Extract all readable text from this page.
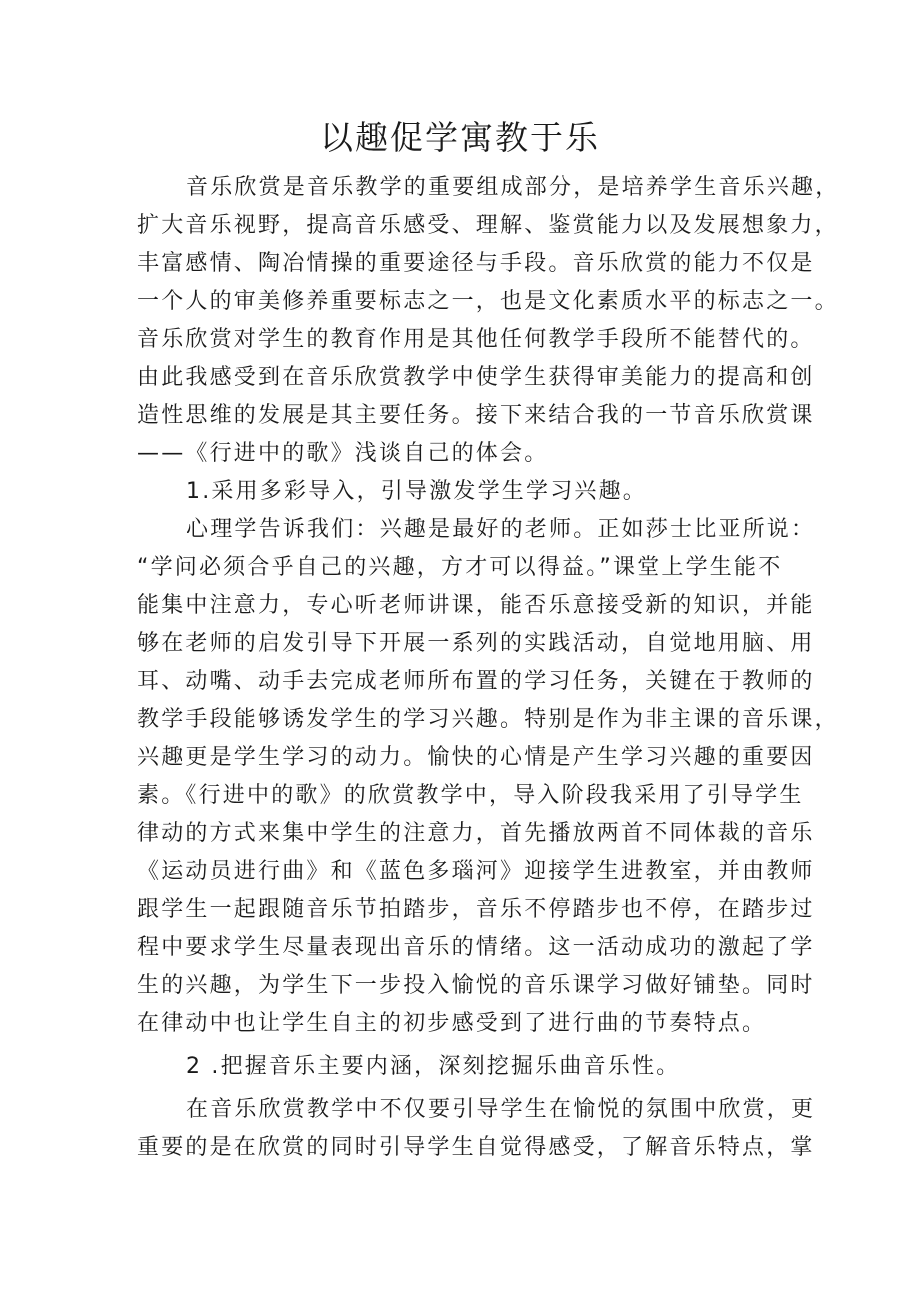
以趣促学寓教于乐
音乐欣赏是音乐教学的重要组成部分，是培养学生音乐兴趣，
扩大音乐视野，提高音乐感受、理解、鉴赏能力以及发展想象力，
丰富感情、陶冶情操的重要途径与手段。音乐欣赏的能力不仅是
一个人的审美修养重要标志之一，也是文化素质水平的标志之一。
音乐欣赏对学生的教育作用是其他任何教学手段所不能替代的。
由此我感受到在音乐欣赏教学中使学生获得审美能力的提高和创
造性思维的发展是其主要任务。接下来结合我的一节音乐欣赏课
——《行进中的歌》浅谈自己的体会。
1.采用多彩导入，引导激发学生学习兴趣。
心理学告诉我们：兴趣是最好的老师。正如莎士比亚所说：
“学问必须合乎自己的兴趣，方才可以得益。”课堂上学生能不
能集中注意力，专心听老师讲课，能否乐意接受新的知识，并能
够在老师的启发引导下开展一系列的实践活动，自觉地用脑、用
耳、动嘴、动手去完成老师所布置的学习任务，关键在于教师的
教学手段能够诱发学生的学习兴趣。特别是作为非主课的音乐课，
兴趣更是学生学习的动力。愉快的心情是产生学习兴趣的重要因
素。《行进中的歌》的欣赏教学中，导入阶段我采用了引导学生
律动的方式来集中学生的注意力，首先播放两首不同体裁的音乐
《运动员进行曲》和《蓝色多瑙河》迎接学生进教室，并由教师
跟学生一起跟随音乐节拍踏步，音乐不停踏步也不停，在踏步过
程中要求学生尽量表现出音乐的情绪。这一活动成功的激起了学
生的兴趣，为学生下一步投入愉悦的音乐课学习做好铺垫。同时
在律动中也让学生自主的初步感受到了进行曲的节奏特点。
2 .把握音乐主要内涵，深刻挖掘乐曲音乐性。
在音乐欣赏教学中不仅要引导学生在愉悦的氛围中欣赏，更
重要的是在欣赏的同时引导学生自觉得感受，了解音乐特点，掌
